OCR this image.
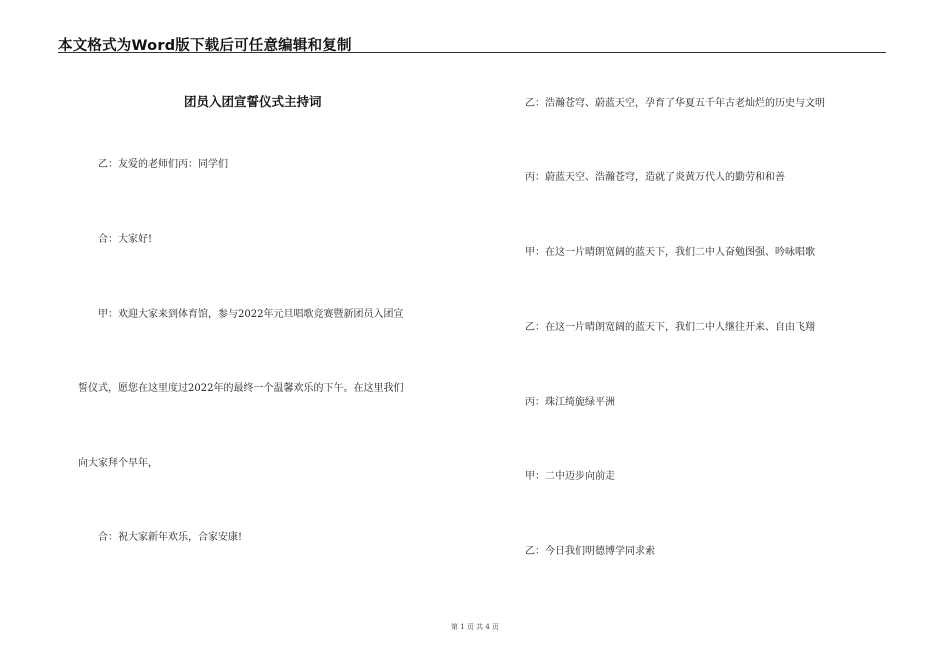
本文格式为Word版下载后可任意编辑和复制
团员入团宣誓仪式主持词
乙：友爱的老师们丙：同学们
合：大家好!
甲：欢迎大家来到体育馆，参与2022年元旦唱歌竞赛暨新团员入团宣
誓仪式，愿您在这里度过2022年的最终一个温馨欢乐的下午。在这里我们
向大家拜个早年，
合：祝大家新年欢乐，合家安康!
乙：浩瀚苍穹、蔚蓝天空，孕育了华夏五千年古老灿烂的历史与文明
丙：蔚蓝天空、浩瀚苍穹，造就了炎黄万代人的勤劳和和善
甲：在这一片晴朗宽阔的蓝天下，我们二中人奋勉图强、吟咏唱歌
乙：在这一片晴朗宽阔的蓝天下，我们二中人继往开来、自由飞翔
丙：珠江绮旎绿平洲
甲：二中迈步向前走
乙：今日我们明德博学同求索
第 1 页 共 4 页
